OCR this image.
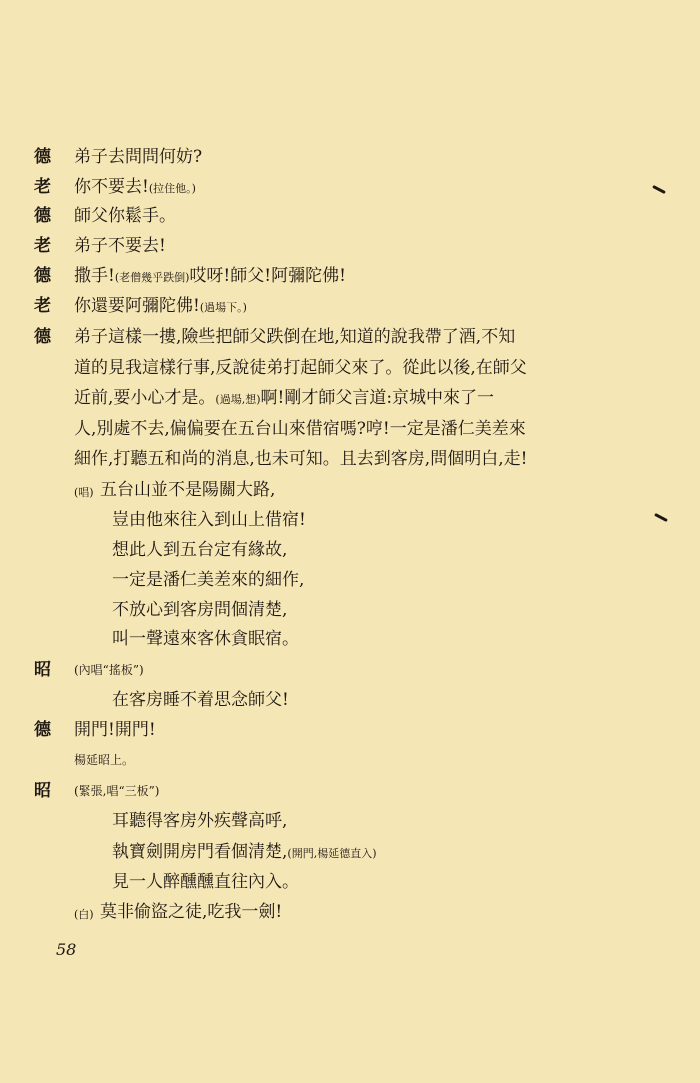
德 弟子去問問何妨?
老 你不要去!(拉住他。)
德 師父你鬆手。
老 弟子不要去!
德 撒手!(老僧幾乎跌倒)哎呀!師父!阿彌陀佛!
老 你還要阿彌陀佛!(過場下。)
德 弟子這樣一摟,險些把師父跌倒在地,知道的說我帶了酒,不知
道的見我這樣行事,反說徒弟打起師父來了。從此以後,在師父
近前,要小心才是。(過場,想)啊!剛才師父言道:京城中來了一
人,別處不去,偏偏要在五台山來借宿嗎?哼!一定是潘仁美差來
細作,打聽五和尚的消息,也未可知。且去到客房,問個明白,走!
(唱) 五台山並不是陽關大路,
豈由他來往入到山上借宿!
想此人到五台定有緣故,
一定是潘仁美差來的細作,
不放心到客房問個清楚,
叫一聲遠來客休貪眠宿。
昭 (內唱“搖板”)
在客房睡不着思念師父!
德 開門!開門!
楊延昭上。
昭 (緊張,唱“三板”)
耳聽得客房外疾聲高呼,
執寶劍開房門看個清楚,(開門,楊延德直入)
見一人醉醺醺直往內入。
(白) 莫非偷盜之徒,吃我一劍!
58
